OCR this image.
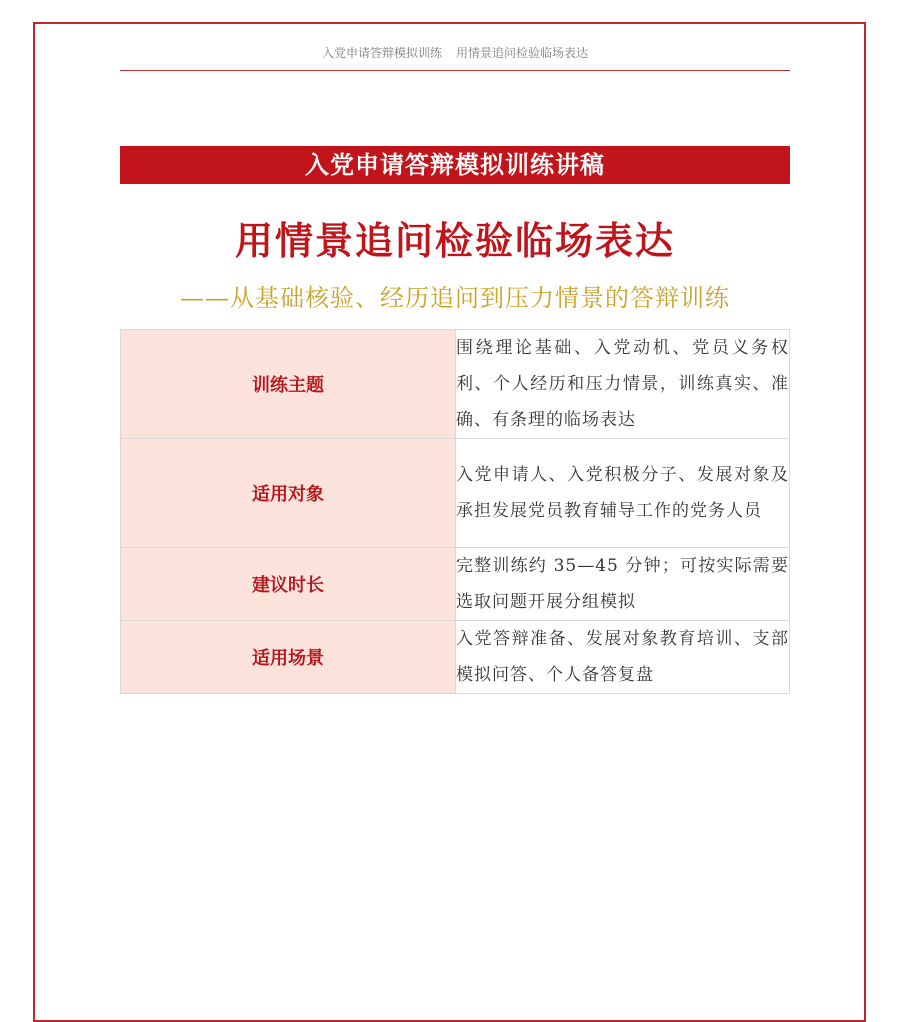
入党申请答辩模拟训练 用情景追问检验临场表达
入党申请答辩模拟训练讲稿
用情景追问检验临场表达
——从基础核验、经历追问到压力情景的答辩训练
训练主题	围绕理论基础、入党动机、党员义务权利、个人经历和压力情景，训练真实、准确、有条理的临场表达
适用对象	入党申请人、入党积极分子、发展对象及承担发展党员教育辅导工作的党务人员
建议时长	完整训练约 35—45 分钟；可按实际需要选取问题开展分组模拟
适用场景	入党答辩准备、发展对象教育培训、支部模拟问答、个人备答复盘
